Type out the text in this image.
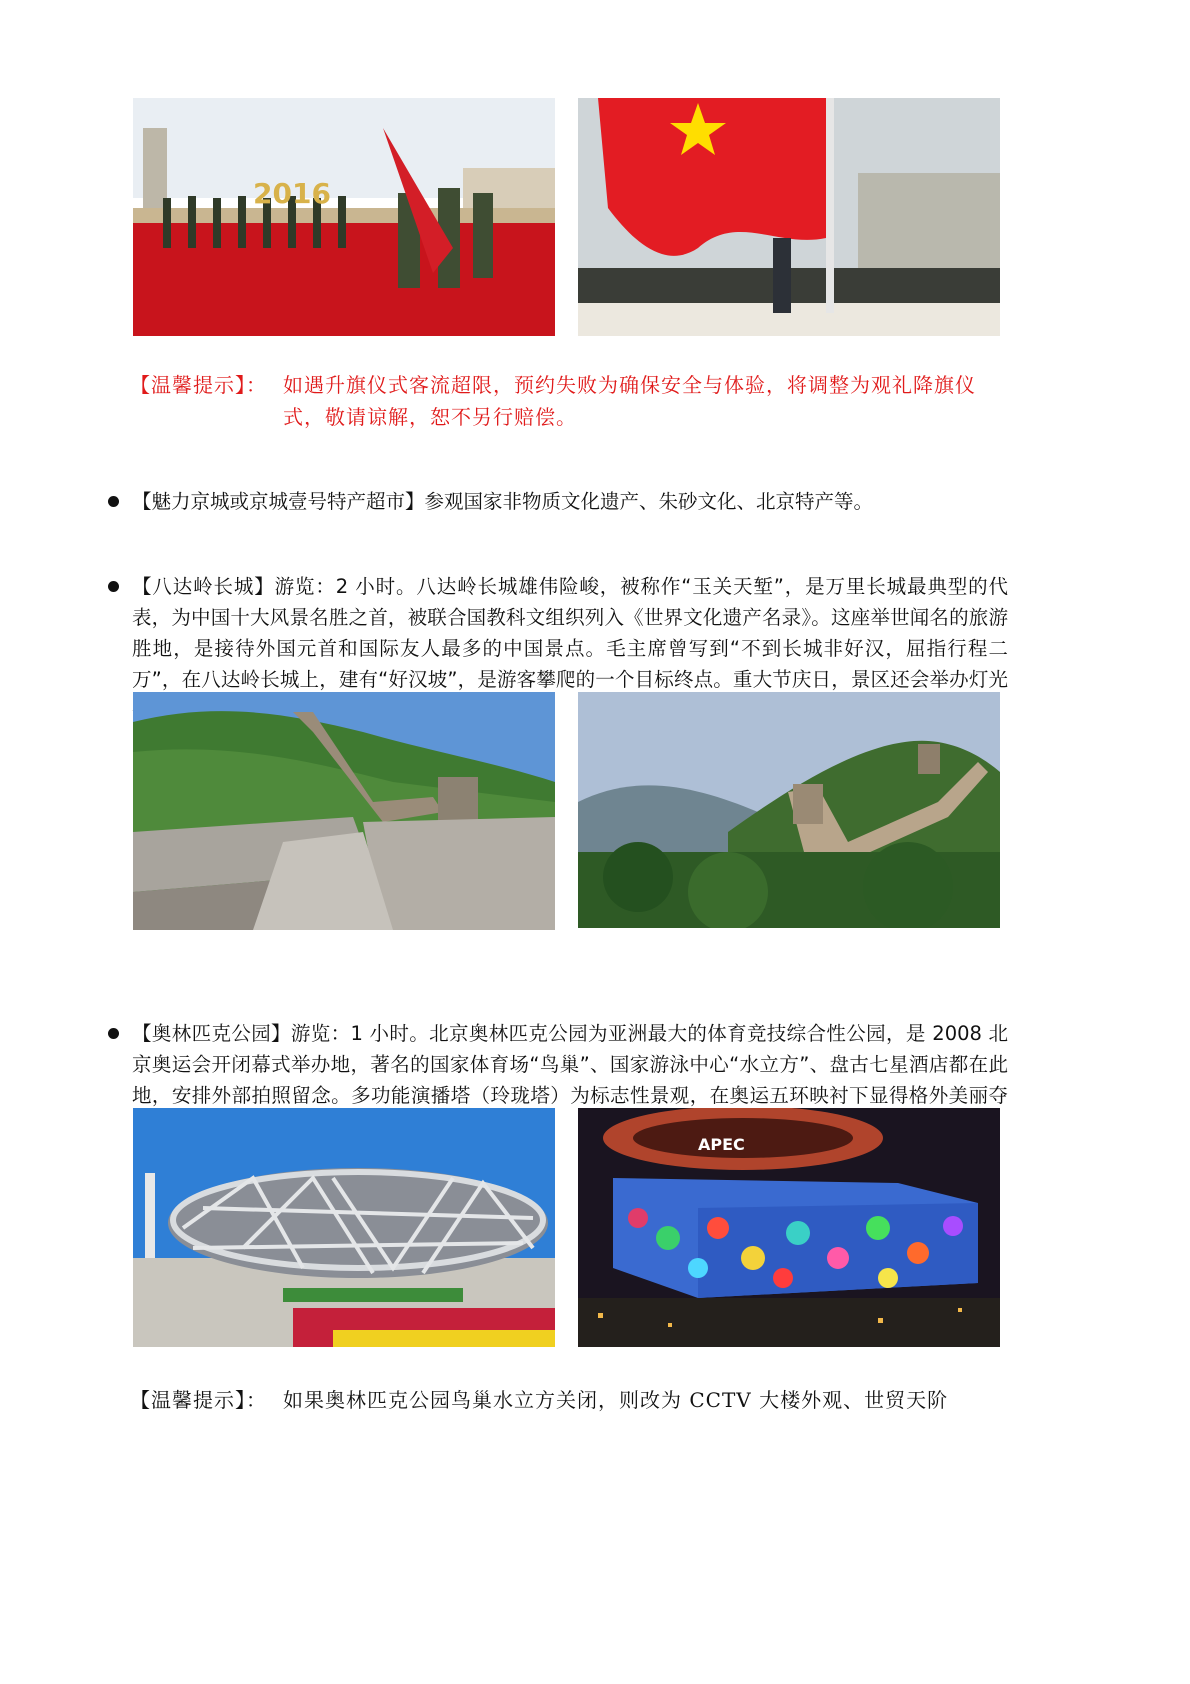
2016
【温馨提示】： 如遇升旗仪式客流超限，预约失败为确保安全与体验，将调整为观礼降旗仪式，敬请谅解，恕不另行赔偿。
【魅力京城或京城壹号特产超市】参观国家非物质文化遗产、朱砂文化、北京特产等。
【八达岭长城】游览：2 小时。八达岭长城雄伟险峻，被称作“玉关天堑”，是万里长城最典型的代表，为中国十大风景名胜之首，被联合国教科文组织列入《世界文化遗产名录》。这座举世闻名的旅游胜地，是接待外国元首和国际友人最多的中国景点。毛主席曾写到“不到长城非好汉，屈指行程二万”，在八达岭长城上，建有“好汉坡”，是游客攀爬的一个目标终点。重大节庆日，景区还会举办灯光
【奥林匹克公园】游览：1 小时。北京奥林匹克公园为亚洲最大的体育竞技综合性公园，是 2008 北京奥运会开闭幕式举办地，著名的国家体育场“鸟巢”、国家游泳中心“水立方”、盘古七星酒店都在此地，安排外部拍照留念。多功能演播塔（玲珑塔）为标志性景观，在奥运五环映衬下显得格外美丽夺
APEC
【温馨提示】： 如果奥林匹克公园鸟巢水立方关闭，则改为 CCTV 大楼外观、世贸天阶
